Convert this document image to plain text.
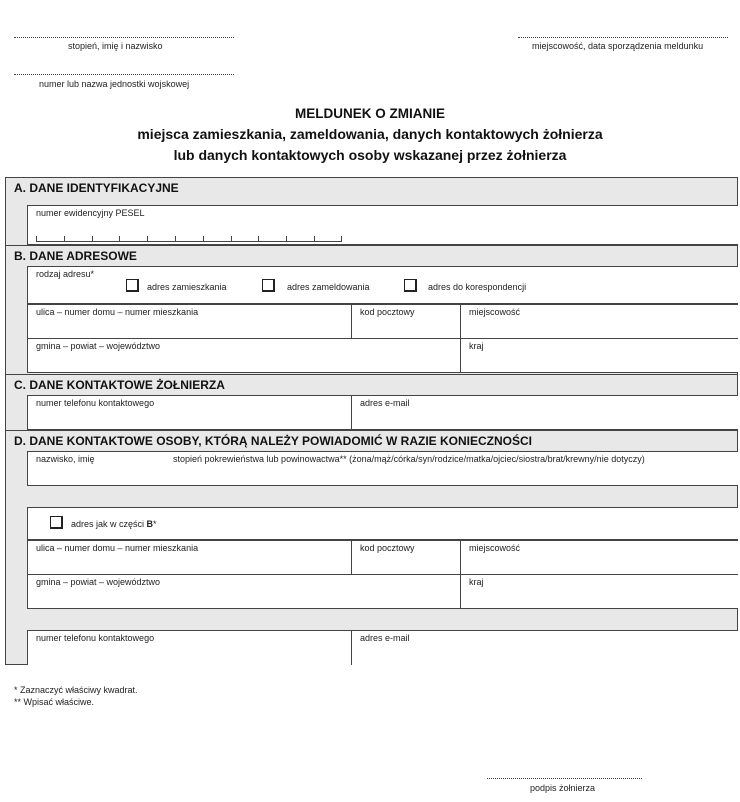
stopień, imię i nazwisko	miejscowość, data sporządzenia meldunku
numer lub nazwa jednostki wojskowej
MELDUNEK O ZMIANIE
miejsca zamieszkania, zameldowania, danych kontaktowych żołnierza
lub danych kontaktowych osoby wskazanej przez żołnierza
A. DANE IDENTYFIKACYJNE
numer ewidencyjny PESEL
B. DANE ADRESOWE
rodzaj adresu*
adres zamieszkania	adres zameldowania	adres do korespondencji
ulica – numer domu – numer mieszkania	kod pocztowy	miejscowość
gmina – powiat – województwo	kraj
C. DANE KONTAKTOWE ŻOŁNIERZA
numer telefonu kontaktowego	adres e-mail
D. DANE KONTAKTOWE OSOBY, KTÓRĄ NALEŻY POWIADOMIĆ W RAZIE KONIECZNOŚCI
nazwisko, imię	stopień pokrewieństwa lub powinowactwa** (żona/mąż/córka/syn/rodzice/matka/ojciec/siostra/brat/krewny/nie dotyczy)
adres jak w części B*
ulica – numer domu – numer mieszkania	kod pocztowy	miejscowość
gmina – powiat – województwo	kraj
numer telefonu kontaktowego	adres e-mail
* Zaznaczyć właściwy kwadrat.
** Wpisać właściwe.
podpis żołnierza
